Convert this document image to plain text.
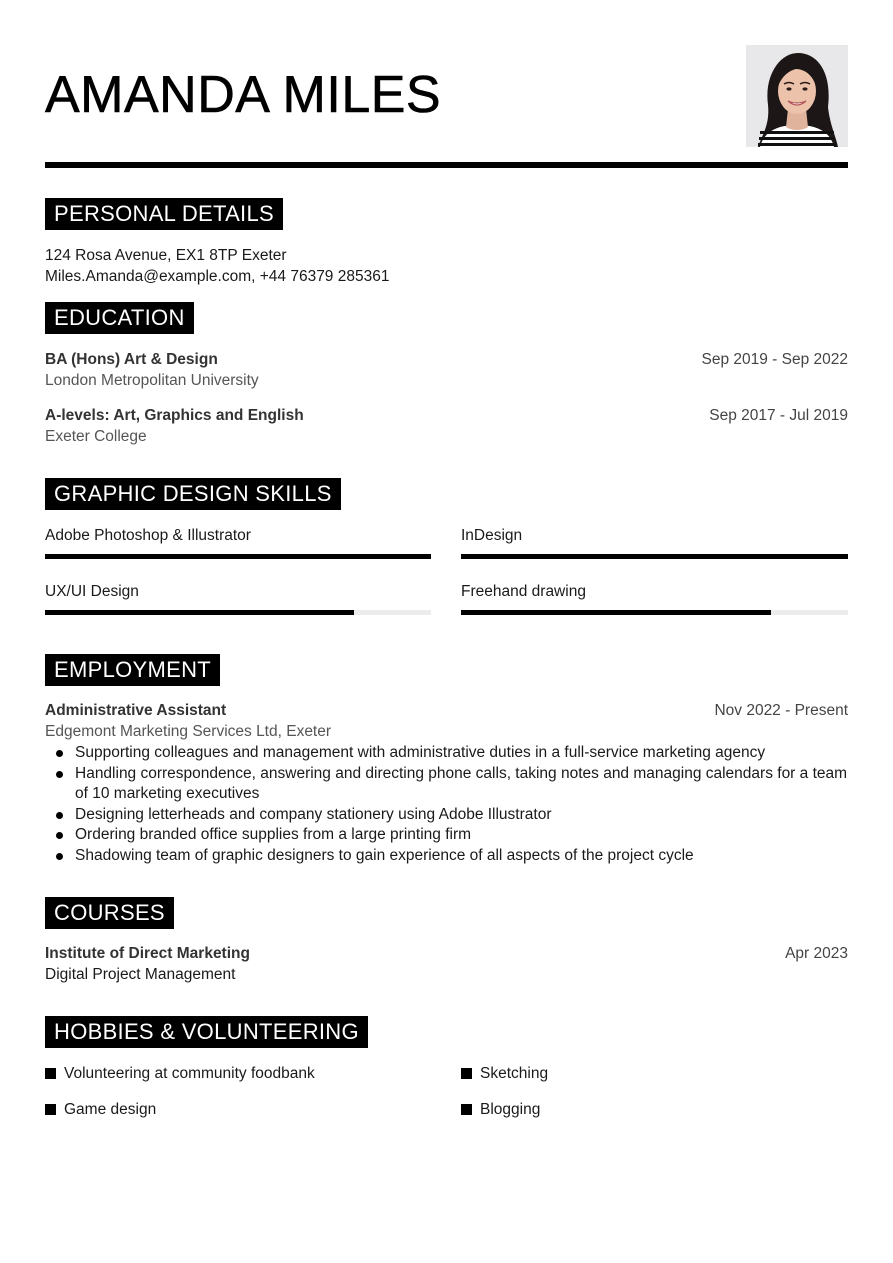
AMANDA MILES
PERSONAL DETAILS
124 Rosa Avenue, EX1 8TP Exeter
Miles.Amanda@example.com, +44 76379 285361
EDUCATION
BA (Hons) Art & Design	Sep 2019 - Sep 2022
London Metropolitan University
A-levels: Art, Graphics and English	Sep 2017 - Jul 2019
Exeter College
GRAPHIC DESIGN SKILLS
Adobe Photoshop & Illustrator	InDesign
UX/UI Design	Freehand drawing
EMPLOYMENT
Administrative Assistant	Nov 2022 - Present
Edgemont Marketing Services Ltd, Exeter
Supporting colleagues and management with administrative duties in a full-service marketing agency
Handling correspondence, answering and directing phone calls, taking notes and managing calendars for a team of 10 marketing executives
Designing letterheads and company stationery using Adobe Illustrator
Ordering branded office supplies from a large printing firm
Shadowing team of graphic designers to gain experience of all aspects of the project cycle
COURSES
Institute of Direct Marketing	Apr 2023
Digital Project Management
HOBBIES & VOLUNTEERING
Volunteering at community foodbank	Sketching
Game design	Blogging
